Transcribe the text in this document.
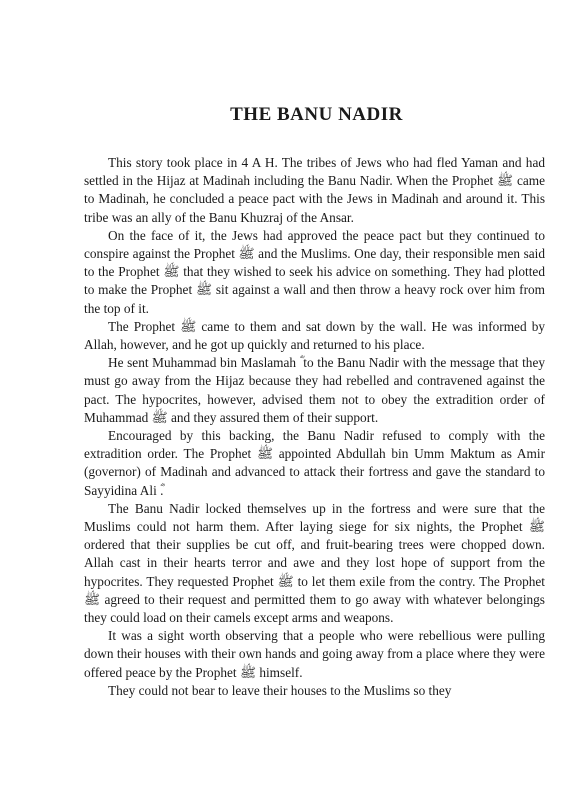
THE BANU NADIR

This story took place in 4 A H. The tribes of Jews who had fled Yaman and had settled in the Hijaz at Madinah including the Banu Nadir. When the Prophet ﷺ came to Madinah, he concluded a peace pact with the Jews in Madinah and around it. This tribe was an ally of the Banu Khuzraj of the Ansar.

On the face of it, the Jews had approved the peace pact but they continued to conspire against the Prophet ﷺ and the Muslims. One day, their responsible men said to the Prophet ﷺ that they wished to seek his advice on something. They had plotted to make the Prophet ﷺ sit against a wall and then throw a heavy rock over him from the top of it.

The Prophet ﷺ came to them and sat down by the wall. He was informed by Allah, however, and he got up quickly and returned to his place.

He sent Muhammad bin Maslamah ؓ to the Banu Nadir with the message that they must go away from the Hijaz because they had rebelled and contravened against the pact. The hypocrites, however, advised them not to obey the extradition order of Muhammad ﷺ and they assured them of their support.

Encouraged by this backing, the Banu Nadir refused to comply with the extradition order. The Prophet ﷺ appointed Abdullah bin Umm Maktum as Amir (governor) of Madinah and advanced to attack their fortress and gave the standard to Sayyidina Ali ؓ.

The Banu Nadir locked themselves up in the fortress and were sure that the Muslims could not harm them. After laying siege for six nights, the Prophet ﷺ ordered that their supplies be cut off, and fruit-bearing trees were chopped down. Allah cast in their hearts terror and awe and they lost hope of support from the hypocrites. They requested Prophet ﷺ to let them exile from the contry. The Prophet ﷺ agreed to their request and permitted them to go away with whatever belongings they could load on their camels except arms and weapons.

It was a sight worth observing that a people who were rebellious were pulling down their houses with their own hands and going away from a place where they were offered peace by the Prophet ﷺ himself.

They could not bear to leave their houses to the Muslims so they
